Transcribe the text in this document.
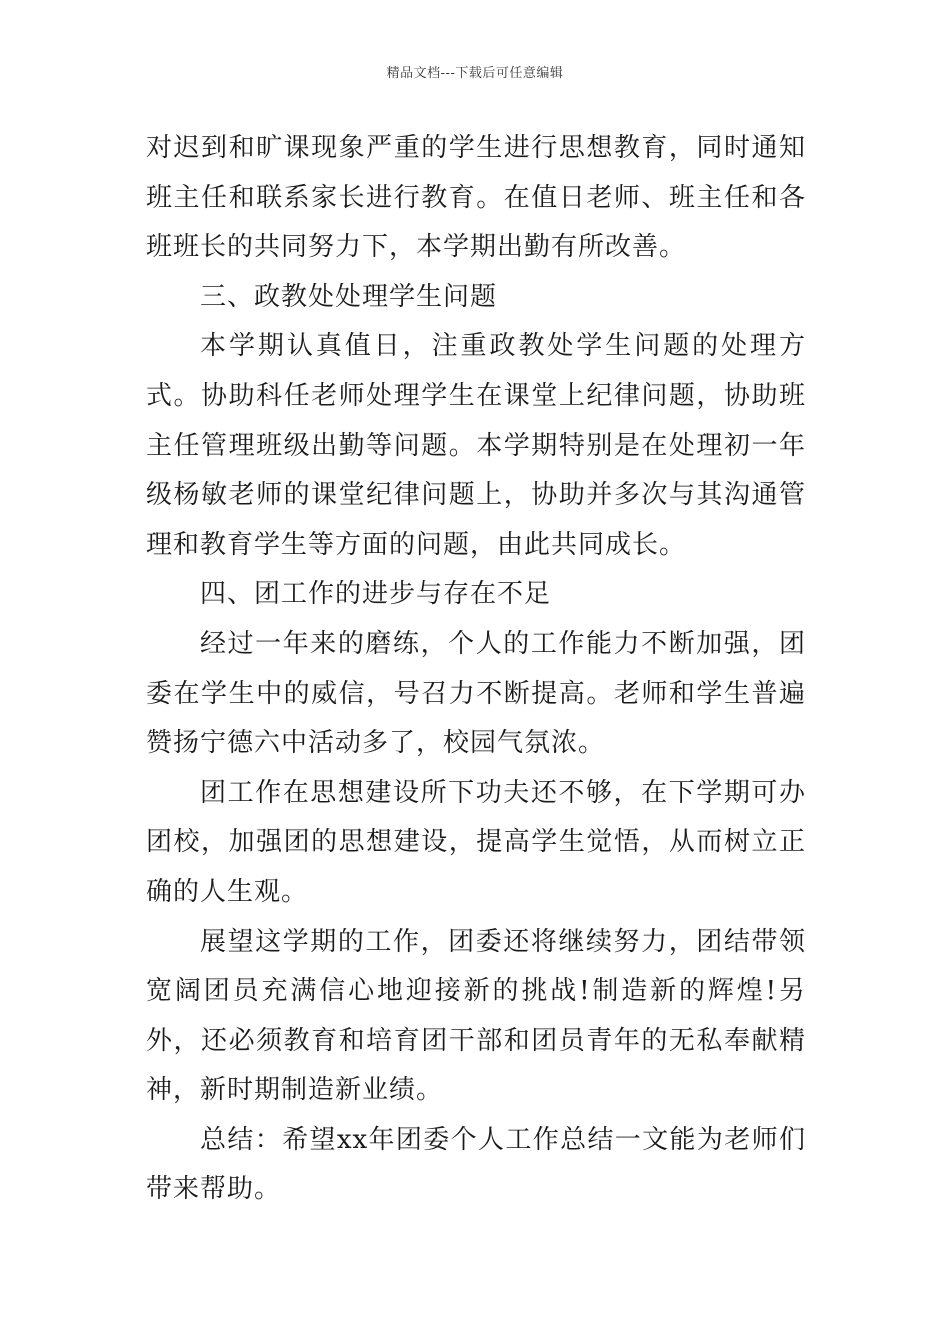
精品文档---下载后可任意编辑

对迟到和旷课现象严重的学生进行思想教育，同时通知班主任和联系家长进行教育。在值日老师、班主任和各班班长的共同努力下，本学期出勤有所改善。

三、政教处处理学生问题

本学期认真值日，注重政教处学生问题的处理方式。协助科任老师处理学生在课堂上纪律问题，协助班主任管理班级出勤等问题。本学期特别是在处理初一年级杨敏老师的课堂纪律问题上，协助并多次与其沟通管理和教育学生等方面的问题，由此共同成长。

四、团工作的进步与存在不足

经过一年来的磨练，个人的工作能力不断加强，团委在学生中的威信，号召力不断提高。老师和学生普遍赞扬宁德六中活动多了，校园气氛浓。

团工作在思想建设所下功夫还不够，在下学期可办团校，加强团的思想建设，提高学生觉悟，从而树立正确的人生观。

展望这学期的工作，团委还将继续努力，团结带领宽阔团员充满信心地迎接新的挑战!制造新的辉煌!另外，还必须教育和培育团干部和团员青年的无私奉献精神，新时期制造新业绩。

总结：希望xx年团委个人工作总结一文能为老师们带来帮助。
